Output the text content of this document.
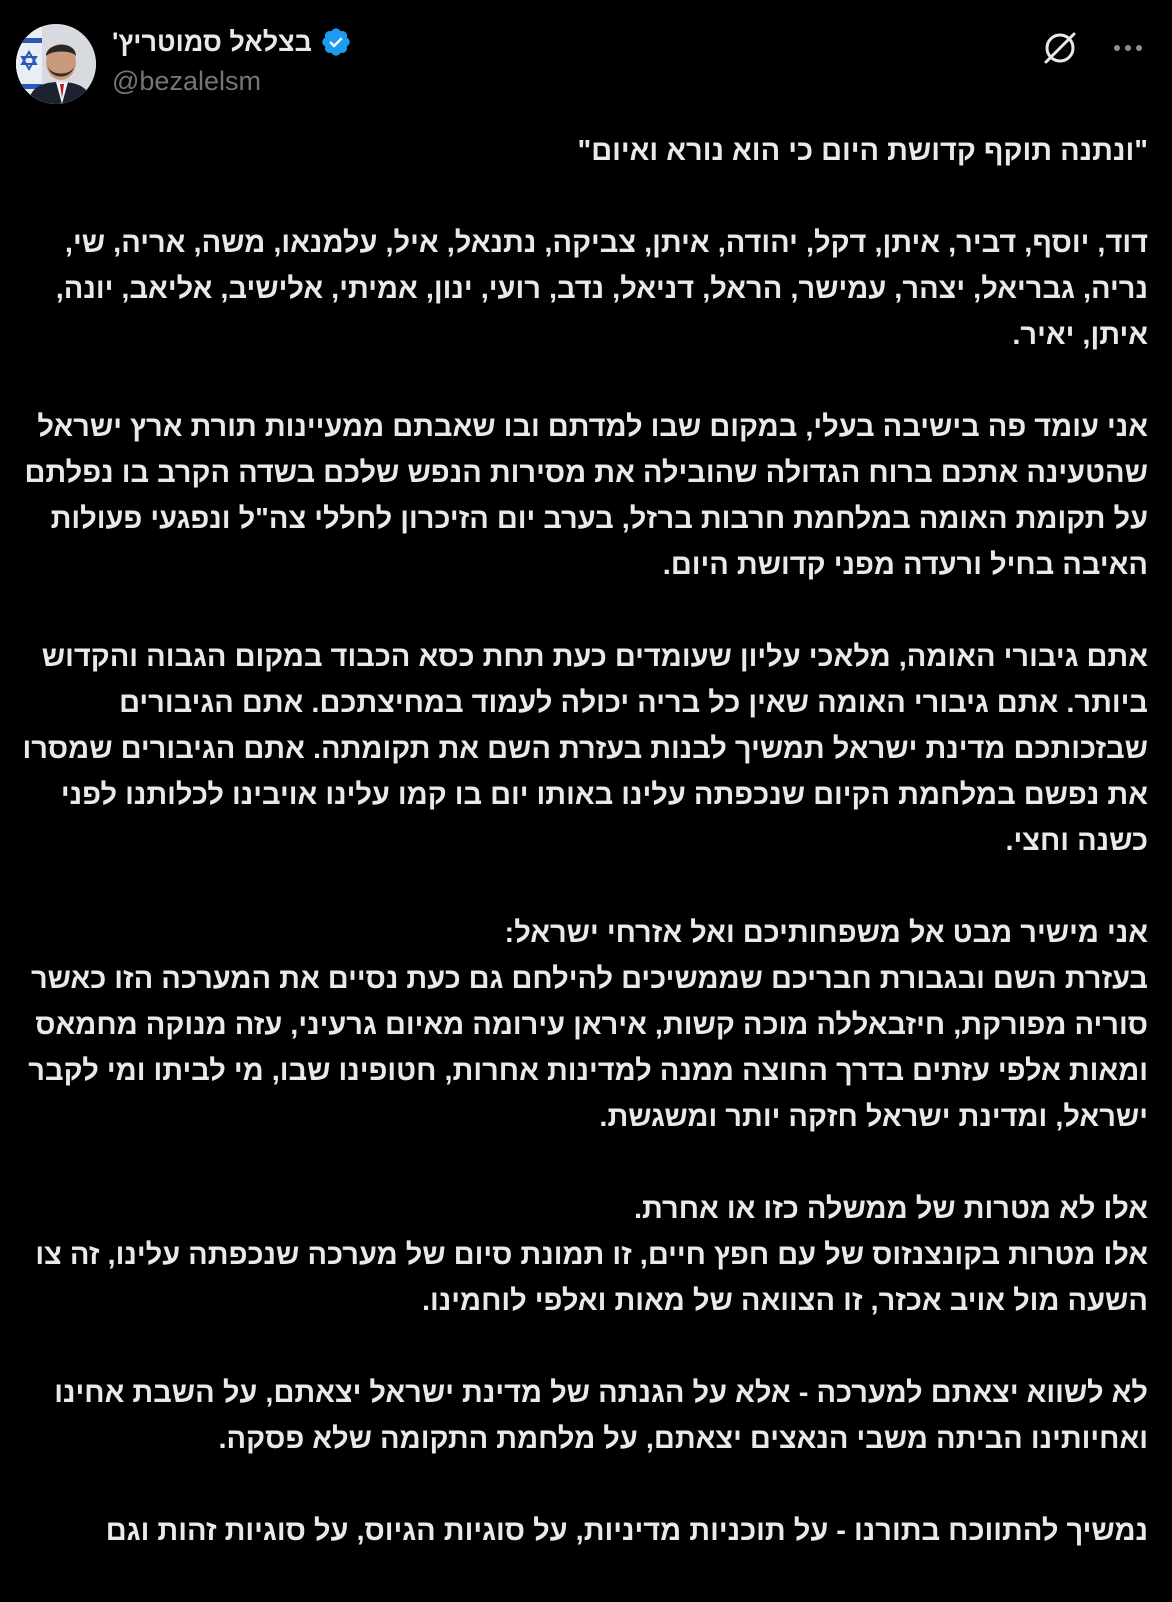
בצלאל סמוטריץ'
@bezalelsm

"ונתנה תוקף קדושת היום כי הוא נורא ואיום"

דוד, יוסף, דביר, איתן, דקל, יהודה, איתן, צביקה, נתנאל, איל, עלמנאו, משה, אריה, שי, נריה, גבריאל, יצהר, עמישר, הראל, דניאל, נדב, רועי, ינון, אמיתי, אלישיב, אליאב, יונה, איתן, יאיר.

אני עומד פה בישיבה בעלי, במקום שבו למדתם ובו שאבתם ממעיינות תורת ארץ ישראל שהטעינה אתכם ברוח הגדולה שהובילה את מסירות הנפש שלכם בשדה הקרב בו נפלתם על תקומת האומה במלחמת חרבות ברזל, בערב יום הזיכרון לחללי צה"ל ונפגעי פעולות האיבה בחיל ורעדה מפני קדושת היום.

אתם גיבורי האומה, מלאכי עליון שעומדים כעת תחת כסא הכבוד במקום הגבוה והקדוש ביותר. אתם גיבורי האומה שאין כל בריה יכולה לעמוד במחיצתכם. אתם הגיבורים שבזכותכם מדינת ישראל תמשיך לבנות בעזרת השם את תקומתה. אתם הגיבורים שמסרו את נפשם במלחמת הקיום שנכפתה עלינו באותו יום בו קמו עלינו אויבינו לכלותנו לפני כשנה וחצי.

אני מישיר מבט אל משפחותיכם ואל אזרחי ישראל:
בעזרת השם ובגבורת חבריכם שממשיכים להילחם גם כעת נסיים את המערכה הזו כאשר סוריה מפורקת, חיזבאללה מוכה קשות, איראן עירומה מאיום גרעיני, עזה מנוקה מחמאס ומאות אלפי עזתים בדרך החוצה ממנה למדינות אחרות, חטופינו שבו, מי לביתו ומי לקבר ישראל, ומדינת ישראל חזקה יותר ומשגשת.

אלו לא מטרות של ממשלה כזו או אחרת.
אלו מטרות בקונצנזוס של עם חפץ חיים, זו תמונת סיום של מערכה שנכפתה עלינו, זה צו השעה מול אויב אכזר, זו הצוואה של מאות ואלפי לוחמינו.

לא לשווא יצאתם למערכה - אלא על הגנתה של מדינת ישראל יצאתם, על השבת אחינו ואחיותינו הביתה משבי הנאצים יצאתם, על מלחמת התקומה שלא פסקה.

נמשיך להתווכח בתורנו - על תוכניות מדיניות, על סוגיות הגיוס, על סוגיות זהות וגם
